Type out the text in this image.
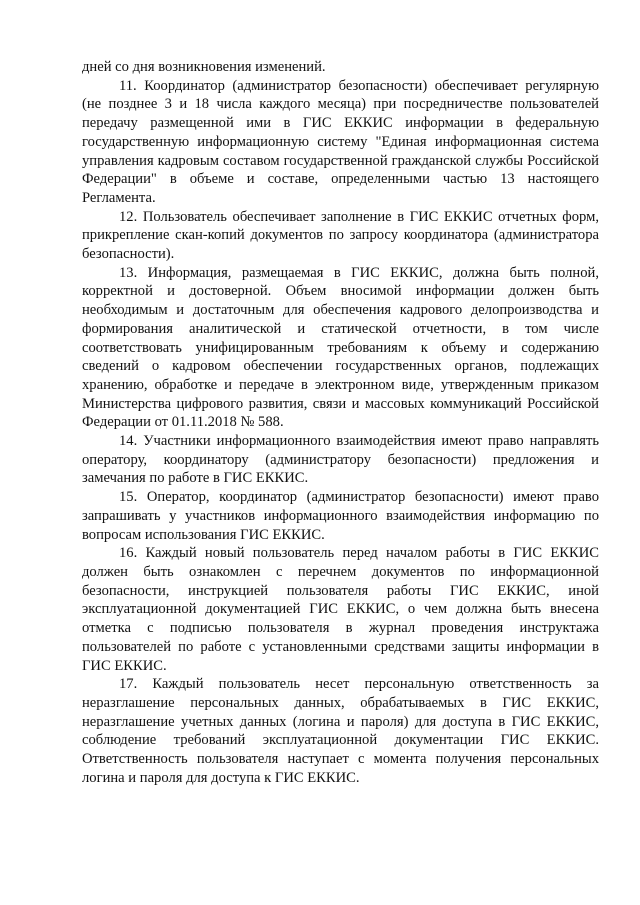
дней со дня возникновения изменений.

11. Координатор (администратор безопасности) обеспечивает регулярную (не позднее 3 и 18 числа каждого месяца) при посредничестве пользователей передачу размещенной ими в ГИС ЕККИС информации в федеральную государственную информационную систему "Единая информационная система управления кадровым составом государственной гражданской службы Российской Федерации" в объеме и составе, определенными частью 13 настоящего Регламента.

12. Пользователь обеспечивает заполнение в ГИС ЕККИС отчетных форм, прикрепление скан-копий документов по запросу координатора (администратора безопасности).

13. Информация, размещаемая в ГИС ЕККИС, должна быть полной, корректной и достоверной. Объем вносимой информации должен быть необходимым и достаточным для обеспечения кадрового делопроизводства и формирования аналитической и статической отчетности, в том числе соответствовать унифицированным требованиям к объему и содержанию сведений о кадровом обеспечении государственных органов, подлежащих хранению, обработке и передаче в электронном виде, утвержденным приказом Министерства цифрового развития, связи и массовых коммуникаций Российской Федерации от 01.11.2018 № 588.

14. Участники информационного взаимодействия имеют право направлять оператору, координатору (администратору безопасности) предложения и замечания по работе в ГИС ЕККИС.

15. Оператор, координатор (администратор безопасности) имеют право запрашивать у участников информационного взаимодействия информацию по вопросам использования ГИС ЕККИС.

16. Каждый новый пользователь перед началом работы в ГИС ЕККИС должен быть ознакомлен с перечнем документов по информационной безопасности, инструкцией пользователя работы ГИС ЕККИС, иной эксплуатационной документацией ГИС ЕККИС, о чем должна быть внесена отметка с подписью пользователя в журнал проведения инструктажа пользователей по работе с установленными средствами защиты информации в ГИС ЕККИС.

17. Каждый пользователь несет персональную ответственность за неразглашение персональных данных, обрабатываемых в ГИС ЕККИС, неразглашение учетных данных (логина и пароля) для доступа в ГИС ЕККИС, соблюдение требований эксплуатационной документации ГИС ЕККИС. Ответственность пользователя наступает с момента получения персональных логина и пароля для доступа к ГИС ЕККИС.
